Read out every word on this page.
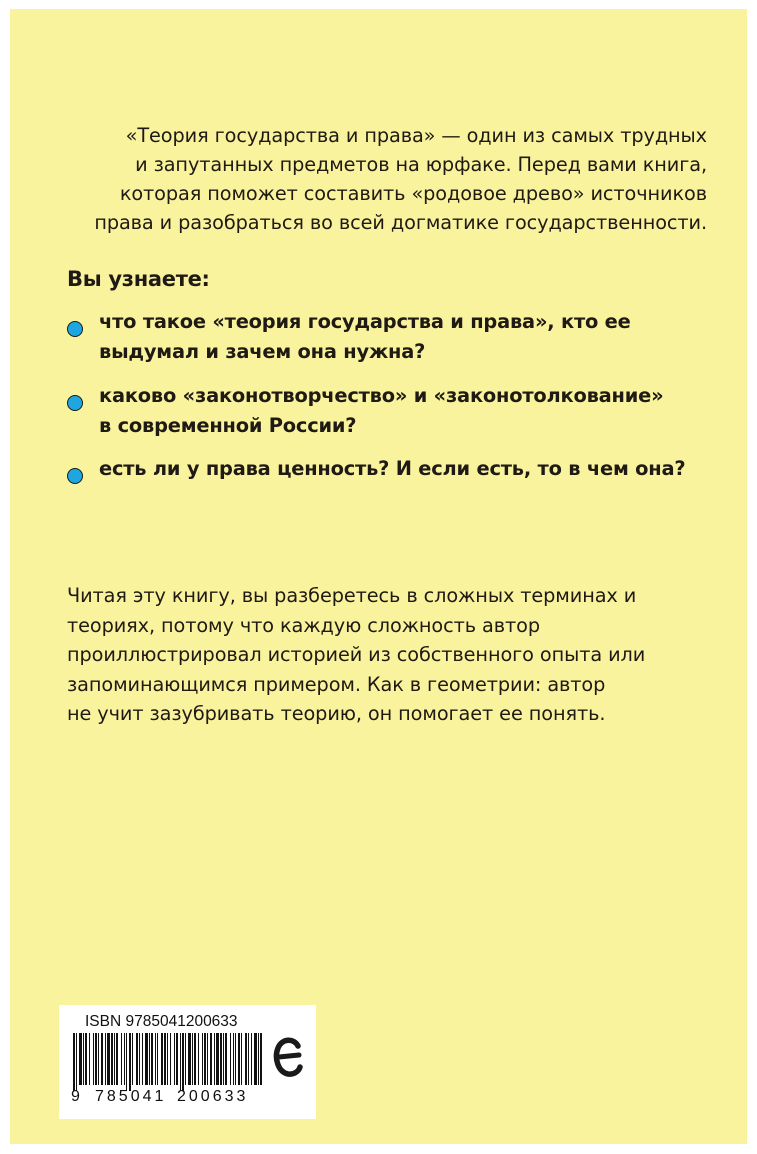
«Теория государства и права» — один из самых трудных
и запутанных предметов на юрфаке. Перед вами книга,
которая поможет составить «родовое древо» источников
права и разобраться во всей догматике государственности.

Вы узнаете:
что такое «теория государства и права», кто ее
выдумал и зачем она нужна?
каково «законотворчество» и «законотолкование»
в современной России?
есть ли у права ценность? И если есть, то в чем она?

Читая эту книгу, вы разберетесь в сложных терминах и
теориях, потому что каждую сложность автор
проиллюстрировал историей из собственного опыта или
запоминающимся примером. Как в геометрии: автор
не учит зазубривать теорию, он помогает ее понять.

ISBN 9785041200633
9 785041 200633
